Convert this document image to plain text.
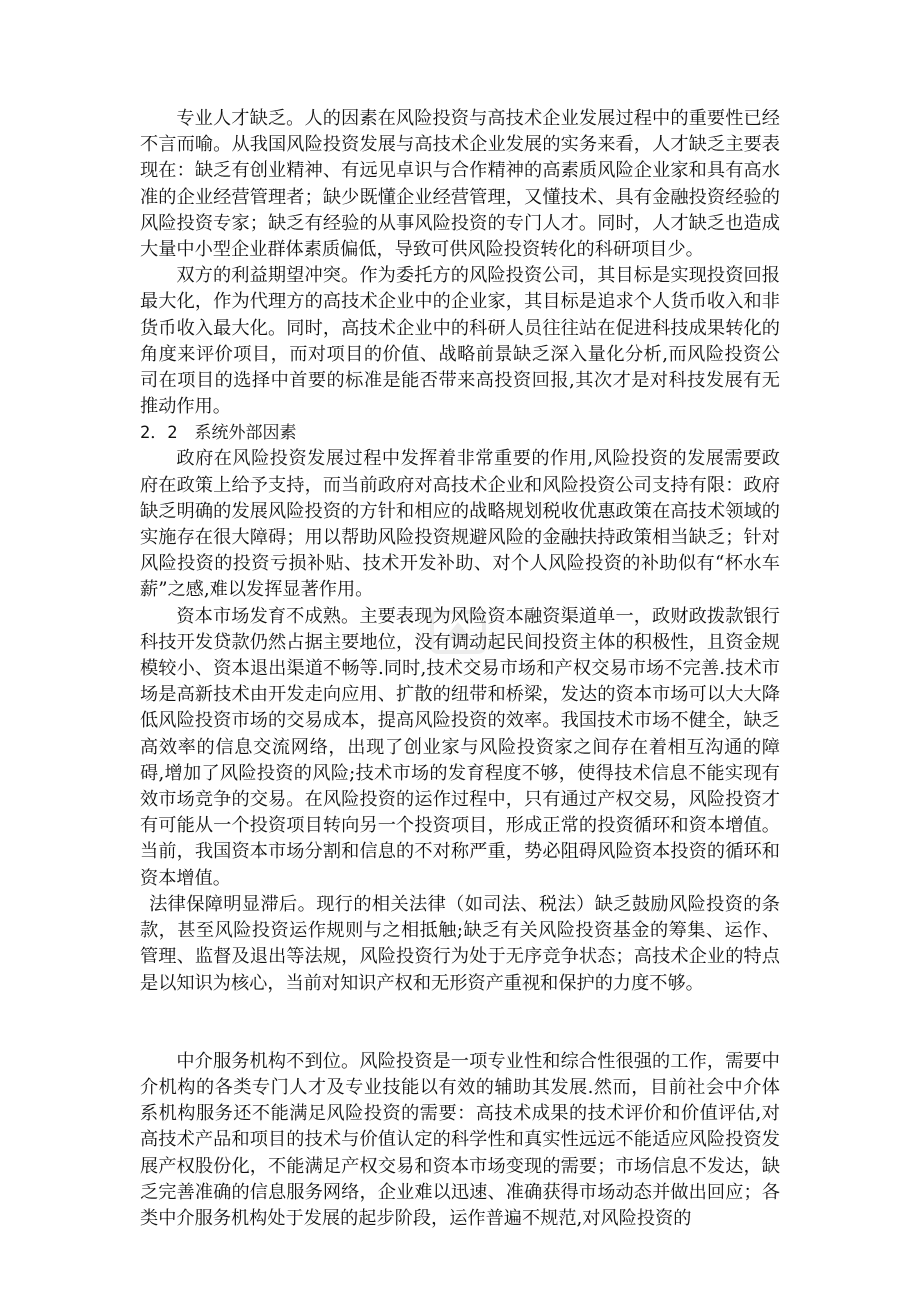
专业人才缺乏。人的因素在风险投资与高技术企业发展过程中的重要性已经不言而喻。从我国风险投资发展与高技术企业发展的实务来看，人才缺乏主要表现在：缺乏有创业精神、有远见卓识与合作精神的高素质风险企业家和具有高水准的企业经营管理者；缺少既懂企业经营管理，又懂技术、具有金融投资经验的风险投资专家；缺乏有经验的从事风险投资的专门人才。同时，人才缺乏也造成大量中小型企业群体素质偏低，导致可供风险投资转化的科研项目少。

双方的利益期望冲突。作为委托方的风险投资公司，其目标是实现投资回报最大化，作为代理方的高技术企业中的企业家，其目标是追求个人货币收入和非货币收入最大化。同时，高技术企业中的科研人员往往站在促进科技成果转化的角度来评价项目，而对项目的价值、战略前景缺乏深入量化分析,而风险投资公司在项目的选择中首要的标准是能否带来高投资回报,其次才是对科技发展有无推动作用。

2．2　系统外部因素

政府在风险投资发展过程中发挥着非常重要的作用,风险投资的发展需要政府在政策上给予支持，而当前政府对高技术企业和风险投资公司支持有限：政府缺乏明确的发展风险投资的方针和相应的战略规划税收优惠政策在高技术领域的实施存在很大障碍；用以帮助风险投资规避风险的金融扶持政策相当缺乏；针对风险投资的投资亏损补贴、技术开发补助、对个人风险投资的补助似有“杯水车薪”之感,难以发挥显著作用。

资本市场发育不成熟。主要表现为风险资本融资渠道单一，政财政拨款银行科技开发贷款仍然占据主要地位，没有调动起民间投资主体的积极性，且资金规模较小、资本退出渠道不畅等.同时,技术交易市场和产权交易市场不完善.技术市场是高新技术由开发走向应用、扩散的纽带和桥梁，发达的资本市场可以大大降低风险投资市场的交易成本，提高风险投资的效率。我国技术市场不健全，缺乏高效率的信息交流网络，出现了创业家与风险投资家之间存在着相互沟通的障碍,增加了风险投资的风险;技术市场的发育程度不够，使得技术信息不能实现有效市场竞争的交易。在风险投资的运作过程中，只有通过产权交易，风险投资才有可能从一个投资项目转向另一个投资项目，形成正常的投资循环和资本增值。当前，我国资本市场分割和信息的不对称严重，势必阻碍风险资本投资的循环和资本增值。

法律保障明显滞后。现行的相关法律（如司法、税法）缺乏鼓励风险投资的条款，甚至风险投资运作规则与之相抵触;缺乏有关风险投资基金的筹集、运作、管理、监督及退出等法规，风险投资行为处于无序竞争状态；高技术企业的特点是以知识为核心，当前对知识产权和无形资产重视和保护的力度不够。

中介服务机构不到位。风险投资是一项专业性和综合性很强的工作，需要中介机构的各类专门人才及专业技能以有效的辅助其发展.然而，目前社会中介体系机构服务还不能满足风险投资的需要：高技术成果的技术评价和价值评估,对高技术产品和项目的技术与价值认定的科学性和真实性远远不能适应风险投资发展产权股份化，不能满足产权交易和资本市场变现的需要；市场信息不发达，缺乏完善准确的信息服务网络，企业难以迅速、准确获得市场动态并做出回应；各类中介服务机构处于发展的起步阶段，运作普遍不规范,对风险投资的
